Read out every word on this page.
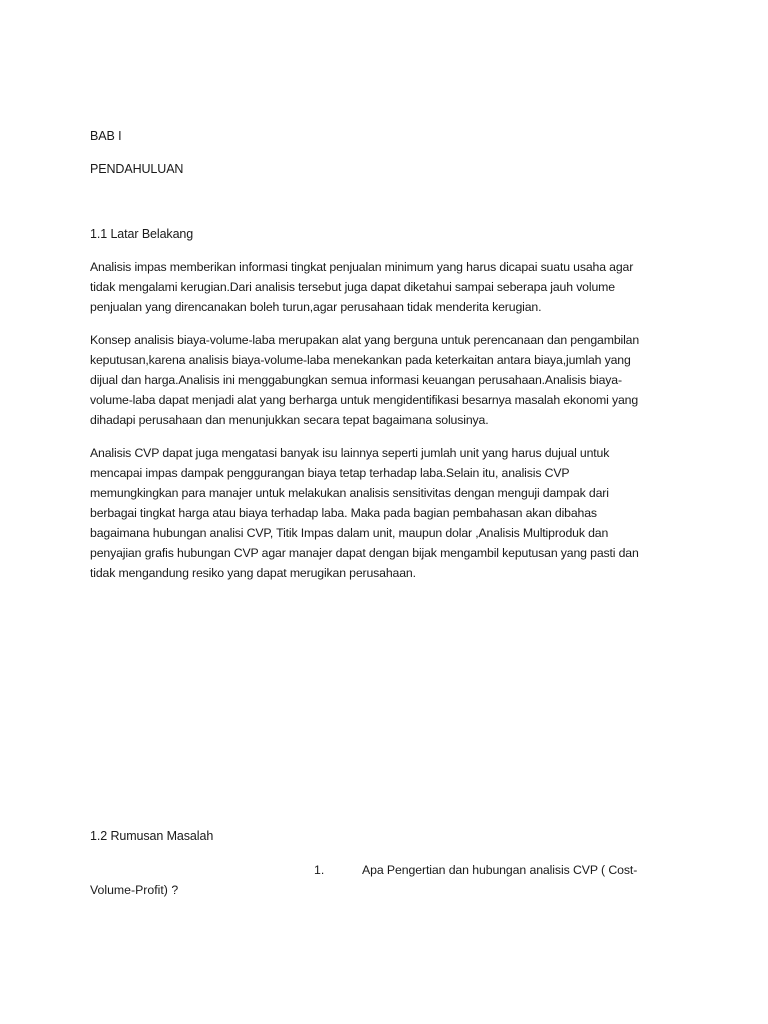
BAB I
PENDAHULUAN
1.1 Latar Belakang
Analisis impas memberikan informasi tingkat penjualan minimum yang harus dicapai suatu usaha agar
tidak mengalami kerugian.Dari analisis tersebut juga dapat diketahui sampai seberapa jauh volume
penjualan yang direncanakan boleh turun,agar perusahaan tidak menderita kerugian.
Konsep analisis biaya-volume-laba merupakan alat yang berguna untuk perencanaan dan pengambilan
keputusan,karena analisis biaya-volume-laba menekankan pada keterkaitan antara biaya,jumlah yang
dijual dan harga.Analisis ini menggabungkan semua informasi keuangan perusahaan.Analisis biaya-
volume-laba dapat menjadi alat yang berharga untuk mengidentifikasi besarnya masalah ekonomi yang
dihadapi perusahaan dan menunjukkan secara tepat bagaimana solusinya.
Analisis CVP dapat juga mengatasi banyak isu lainnya seperti jumlah unit yang harus dujual untuk
mencapai impas dampak penggurangan biaya tetap terhadap laba.Selain itu, analisis CVP
memungkingkan para manajer untuk melakukan analisis sensitivitas dengan menguji dampak dari
berbagai tingkat harga atau biaya terhadap laba. Maka pada bagian pembahasan akan dibahas
bagaimana hubungan analisi CVP, Titik Impas dalam unit, maupun dolar ,Analisis Multiproduk dan
penyajian grafis hubungan CVP agar manajer dapat dengan bijak mengambil keputusan yang pasti dan
tidak mengandung resiko yang dapat merugikan perusahaan.
1.2 Rumusan Masalah
1.	Apa Pengertian dan hubungan analisis CVP ( Cost-
Volume-Profit) ?
